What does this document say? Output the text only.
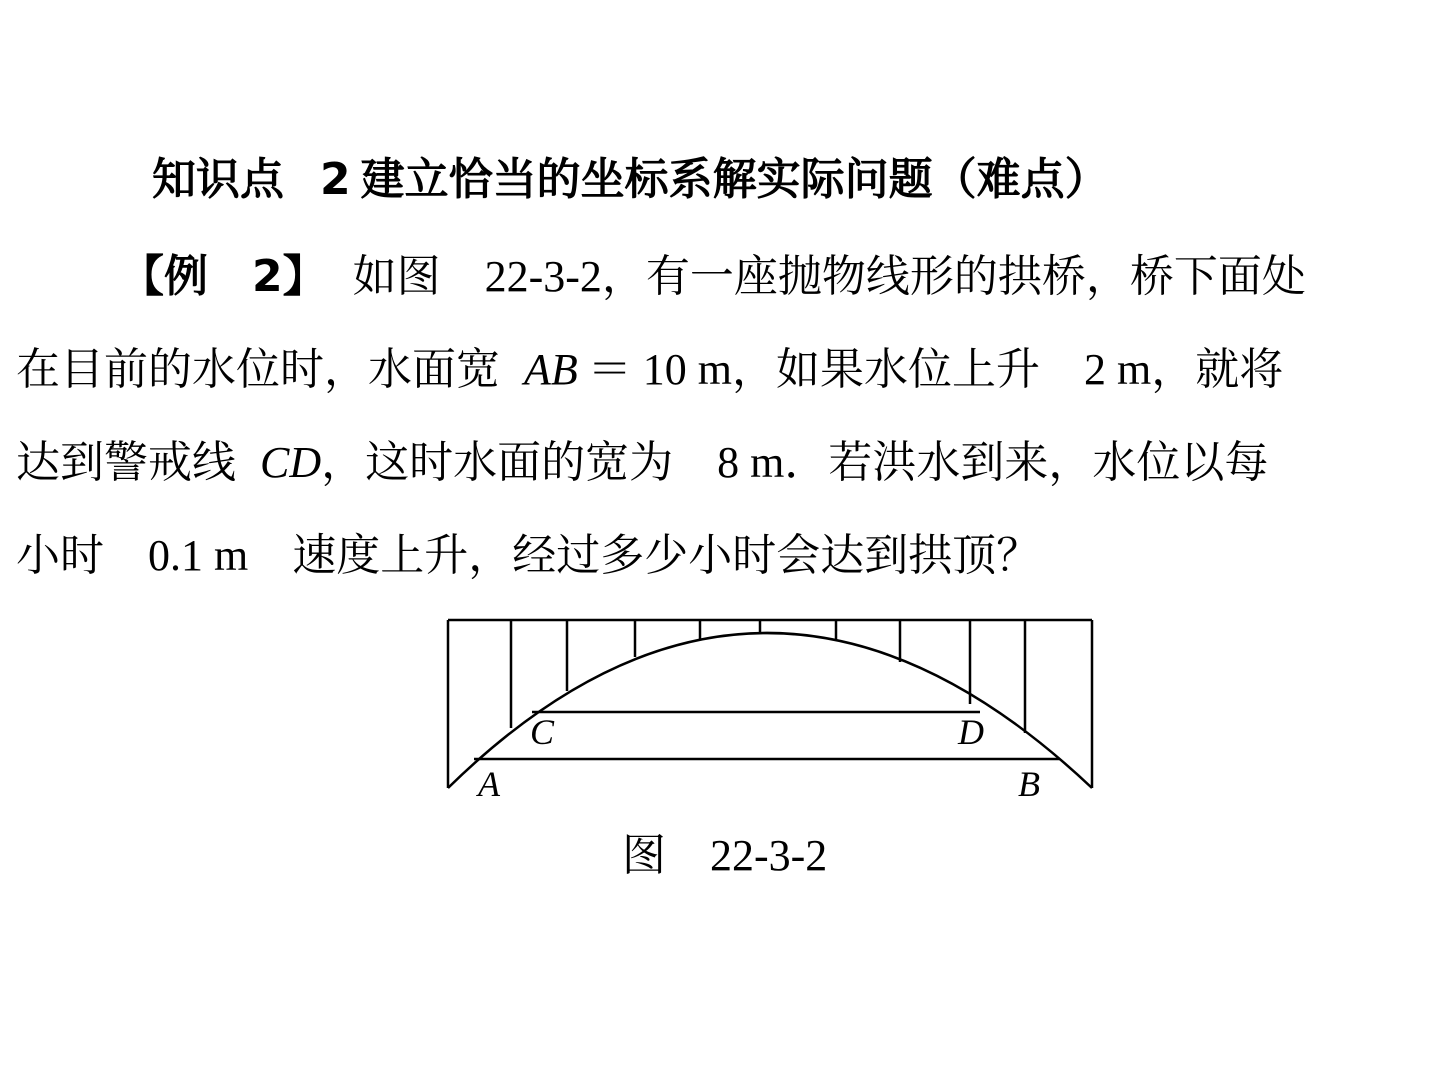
知识点 2 建立恰当的坐标系解实际问题（难点）
【例　2】 如图　22-3-2，有一座抛物线形的拱桥，桥下面处
在目前的水位时，水面宽 AB ＝ 10 m，如果水位上升　2 m，就将
达到警戒线 CD，这时水面的宽为　8 m．若洪水到来，水位以每
小时　0.1 m　速度上升，经过多少小时会达到拱顶？
C	D
A	B
图　22-3-2
